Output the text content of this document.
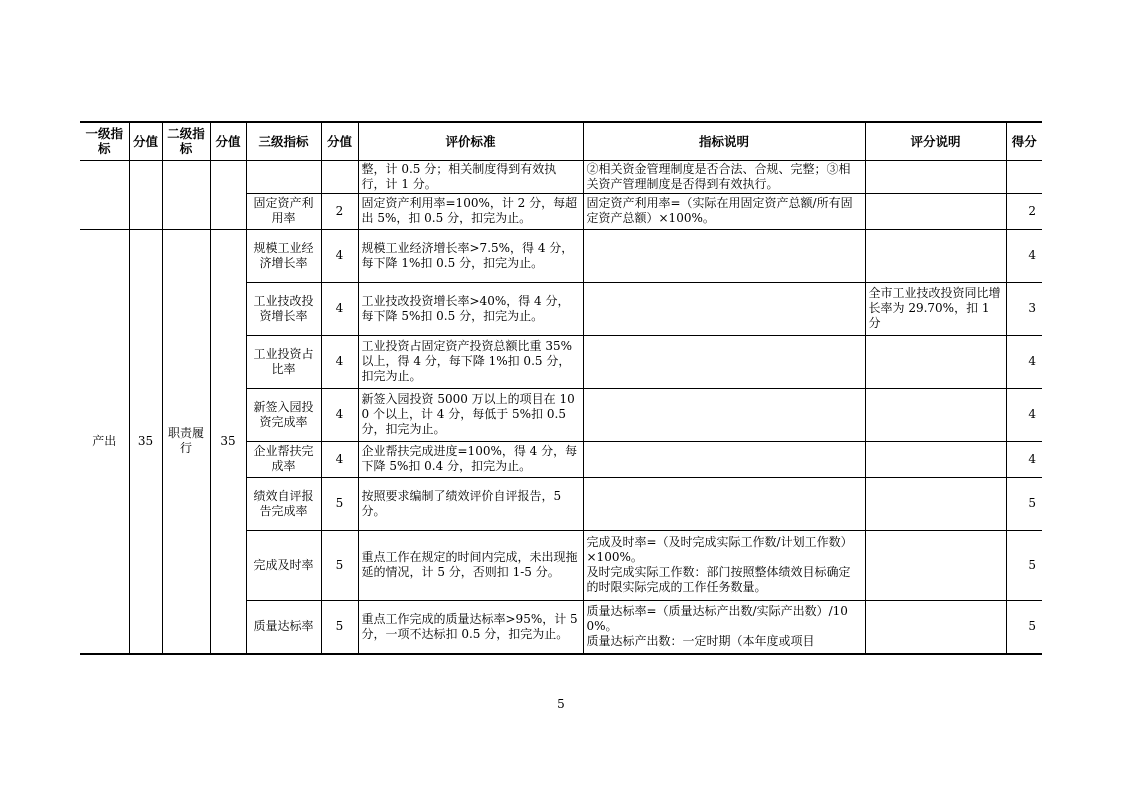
一级指标	分值	二级指标	分值	三级指标	分值	评价标准	指标说明	评分说明	得分
						整，计 0.5 分；相关制度得到有效执行，计 1 分。	②相关资金管理制度是否合法、合规、完整；③相关资产管理制度是否得到有效执行。		
				固定资产利用率	2	固定资产利用率=100%，计 2 分，每超出 5%，扣 0.5 分，扣完为止。	固定资产利用率=（实际在用固定资产总额/所有固定资产总额）×100%。		2
产出	35	职责履行	35	规模工业经济增长率	4	规模工业经济增长率>7.5%，得 4 分，每下降 1%扣 0.5 分，扣完为止。			4
				工业技改投资增长率	4	工业技改投资增长率>40%，得 4 分，每下降 5%扣 0.5 分，扣完为止。		全市工业技改投资同比增长率为 29.70%，扣 1 分	3
				工业投资占比率	4	工业投资占固定资产投资总额比重 35%以上，得 4 分，每下降 1%扣 0.5 分，扣完为止。			4
				新签入园投资完成率	4	新签入园投资 5000 万以上的项目在 100 个以上，计 4 分，每低于 5%扣 0.5 分，扣完为止。			4
				企业帮扶完成率	4	企业帮扶完成进度=100%，得 4 分，每下降 5%扣 0.4 分，扣完为止。			4
				绩效自评报告完成率	5	按照要求编制了绩效评价自评报告，5 分。			5
				完成及时率	5	重点工作在规定的时间内完成，未出现拖延的情况，计 5 分，否则扣 1-5 分。	完成及时率=（及时完成实际工作数/计划工作数）×100%。
及时完成实际工作数：部门按照整体绩效目标确定的时限实际完成的工作任务数量。		5
				质量达标率	5	重点工作完成的质量达标率>95%，计 5 分，一项不达标扣 0.5 分，扣完为止。	质量达标率=（质量达标产出数/实际产出数）/100%。
质量达标产出数：一定时期（本年度或项目		5
5
